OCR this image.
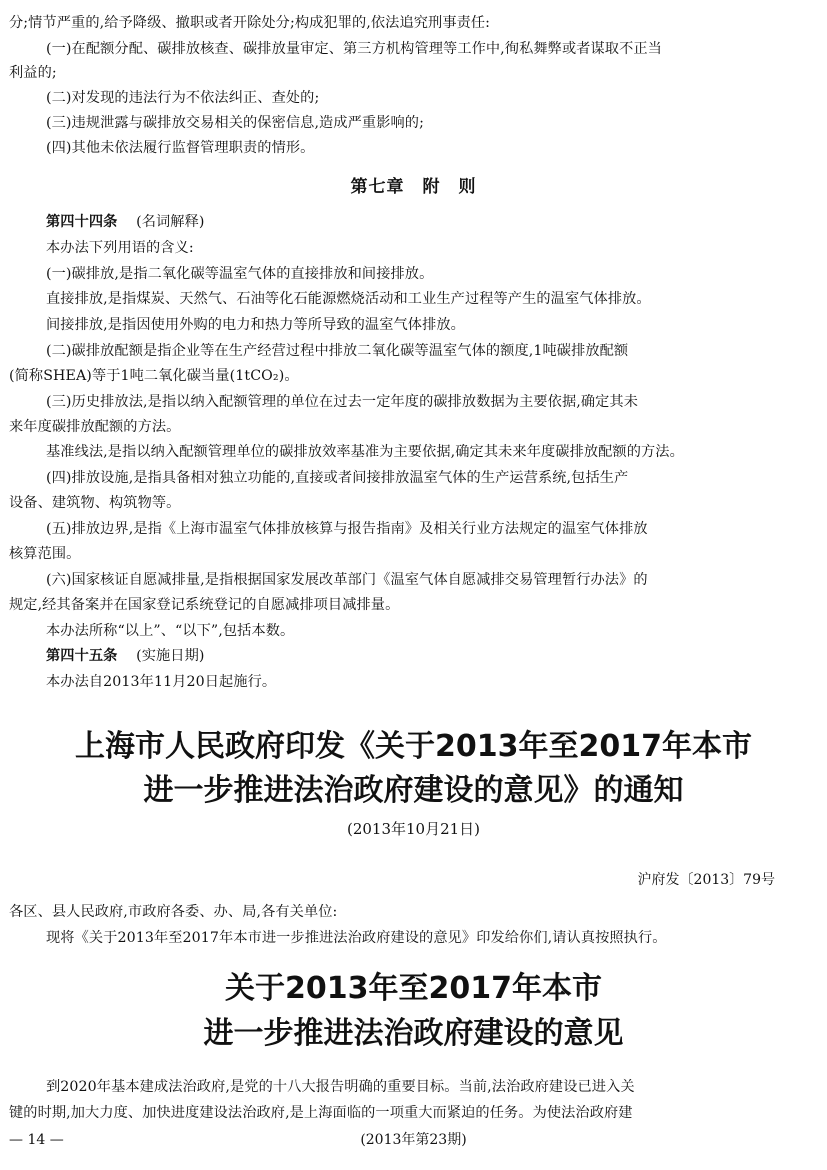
分;情节严重的,给予降级、撤职或者开除处分;构成犯罪的,依法追究刑事责任:
(一)在配额分配、碳排放核查、碳排放量审定、第三方机构管理等工作中,徇私舞弊或者谋取不正当
利益的;
(二)对发现的违法行为不依法纠正、查处的;
(三)违规泄露与碳排放交易相关的保密信息,造成严重影响的;
(四)其他未依法履行监督管理职责的情形。
第七章　附　则
第四十四条 (名词解释)
本办法下列用语的含义:
(一)碳排放,是指二氧化碳等温室气体的直接排放和间接排放。
直接排放,是指煤炭、天然气、石油等化石能源燃烧活动和工业生产过程等产生的温室气体排放。
间接排放,是指因使用外购的电力和热力等所导致的温室气体排放。
(二)碳排放配额是指企业等在生产经营过程中排放二氧化碳等温室气体的额度,1吨碳排放配额
(简称SHEA)等于1吨二氧化碳当量(1tCO₂)。
(三)历史排放法,是指以纳入配额管理的单位在过去一定年度的碳排放数据为主要依据,确定其未
来年度碳排放配额的方法。
基准线法,是指以纳入配额管理单位的碳排放效率基准为主要依据,确定其未来年度碳排放配额的方法。
(四)排放设施,是指具备相对独立功能的,直接或者间接排放温室气体的生产运营系统,包括生产
设备、建筑物、构筑物等。
(五)排放边界,是指《上海市温室气体排放核算与报告指南》及相关行业方法规定的温室气体排放
核算范围。
(六)国家核证自愿减排量,是指根据国家发展改革部门《温室气体自愿减排交易管理暂行办法》的
规定,经其备案并在国家登记系统登记的自愿减排项目减排量。
本办法所称“以上”、“以下”,包括本数。
第四十五条 (实施日期)
本办法自2013年11月20日起施行。
上海市人民政府印发《关于2013年至2017年本市
进一步推进法治政府建设的意见》的通知
(2013年10月21日)
沪府发〔2013〕79号
各区、县人民政府,市政府各委、办、局,各有关单位:
现将《关于2013年至2017年本市进一步推进法治政府建设的意见》印发给你们,请认真按照执行。
关于2013年至2017年本市
进一步推进法治政府建设的意见
到2020年基本建成法治政府,是党的十八大报告明确的重要目标。当前,法治政府建设已进入关
键的时期,加大力度、加快进度建设法治政府,是上海面临的一项重大而紧迫的任务。为使法治政府建
— 14 —	(2013年第23期)
